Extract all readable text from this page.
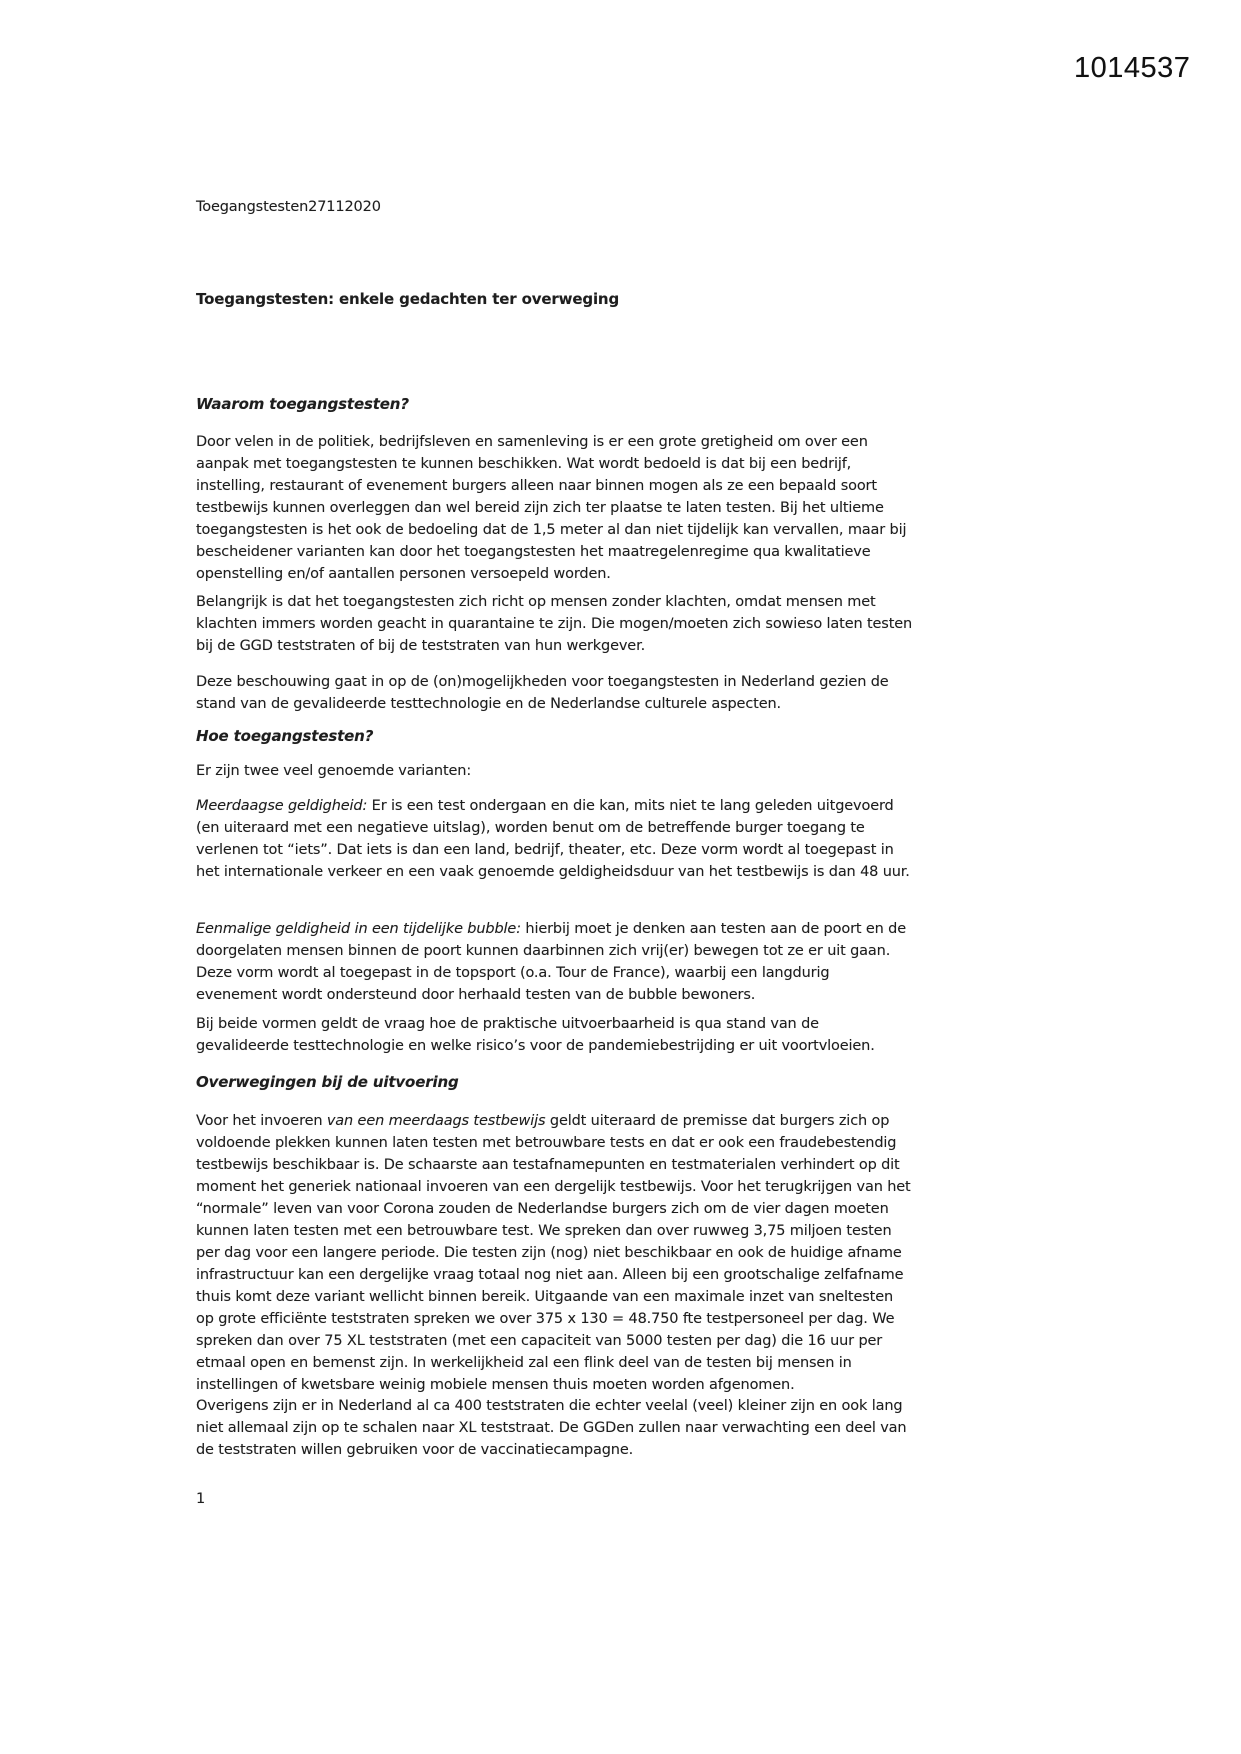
1014537
Toegangstesten27112020
Toegangstesten: enkele gedachten ter overweging
Waarom toegangstesten?

Door velen in de politiek, bedrijfsleven en samenleving is er een grote gretigheid om over een aanpak met toegangstesten te kunnen beschikken. Wat wordt bedoeld is dat bij een bedrijf, instelling, restaurant of evenement burgers alleen naar binnen mogen als ze een bepaald soort testbewijs kunnen overleggen dan wel bereid zijn zich ter plaatse te laten testen. Bij het ultieme toegangstesten is het ook de bedoeling dat de 1,5 meter al dan niet tijdelijk kan vervallen, maar bij bescheidener varianten kan door het toegangstesten het maatregelenregime qua kwalitatieve openstelling en/of aantallen personen versoepeld worden.

Belangrijk is dat het toegangstesten zich richt op mensen zonder klachten, omdat mensen met klachten immers worden geacht in quarantaine te zijn. Die mogen/moeten zich sowieso laten testen bij de GGD teststraten of bij de teststraten van hun werkgever.

Deze beschouwing gaat in op de (on)mogelijkheden voor toegangstesten in Nederland gezien de stand van de gevalideerde testtechnologie en de Nederlandse culturele aspecten.

Hoe toegangstesten?

Er zijn twee veel genoemde varianten:

Meerdaagse geldigheid: Er is een test ondergaan en die kan, mits niet te lang geleden uitgevoerd (en uiteraard met een negatieve uitslag), worden benut om de betreffende burger toegang te verlenen tot “iets”. Dat iets is dan een land, bedrijf, theater, etc. Deze vorm wordt al toegepast in het internationale verkeer en een vaak genoemde geldigheidsduur van het testbewijs is dan 48 uur.

Eenmalige geldigheid in een tijdelijke bubble: hierbij moet je denken aan testen aan de poort en de doorgelaten mensen binnen de poort kunnen daarbinnen zich vrij(er) bewegen tot ze er uit gaan. Deze vorm wordt al toegepast in de topsport (o.a. Tour de France), waarbij een langdurig evenement wordt ondersteund door herhaald testen van de bubble bewoners.

Bij beide vormen geldt de vraag hoe de praktische uitvoerbaarheid is qua stand van de gevalideerde testtechnologie en welke risico’s voor de pandemiebestrijding er uit voortvloeien.

Overwegingen bij de uitvoering

Voor het invoeren van een meerdaags testbewijs geldt uiteraard de premisse dat burgers zich op voldoende plekken kunnen laten testen met betrouwbare tests en dat er ook een fraudebestendig testbewijs beschikbaar is. De schaarste aan testafnamepunten en testmaterialen verhindert op dit moment het generiek nationaal invoeren van een dergelijk testbewijs. Voor het terugkrijgen van het “normale” leven van voor Corona zouden de Nederlandse burgers zich om de vier dagen moeten kunnen laten testen met een betrouwbare test. We spreken dan over ruwweg 3,75 miljoen testen per dag voor een langere periode. Die testen zijn (nog) niet beschikbaar en ook de huidige afname infrastructuur kan een dergelijke vraag totaal nog niet aan. Alleen bij een grootschalige zelfafname thuis komt deze variant wellicht binnen bereik. Uitgaande van een maximale inzet van sneltesten op grote efficiënte teststraten spreken we over 375 x 130 = 48.750 fte testpersoneel per dag. We spreken dan over 75 XL teststraten (met een capaciteit van 5000 testen per dag) die 16 uur per etmaal open en bemenst zijn. In werkelijkheid zal een flink deel van de testen bij mensen in instellingen of kwetsbare weinig mobiele mensen thuis moeten worden afgenomen.

Overigens zijn er in Nederland al ca 400 teststraten die echter veelal (veel) kleiner zijn en ook lang niet allemaal zijn op te schalen naar XL teststraat. De GGDen zullen naar verwachting een deel van de teststraten willen gebruiken voor de vaccinatiecampagne.

1
